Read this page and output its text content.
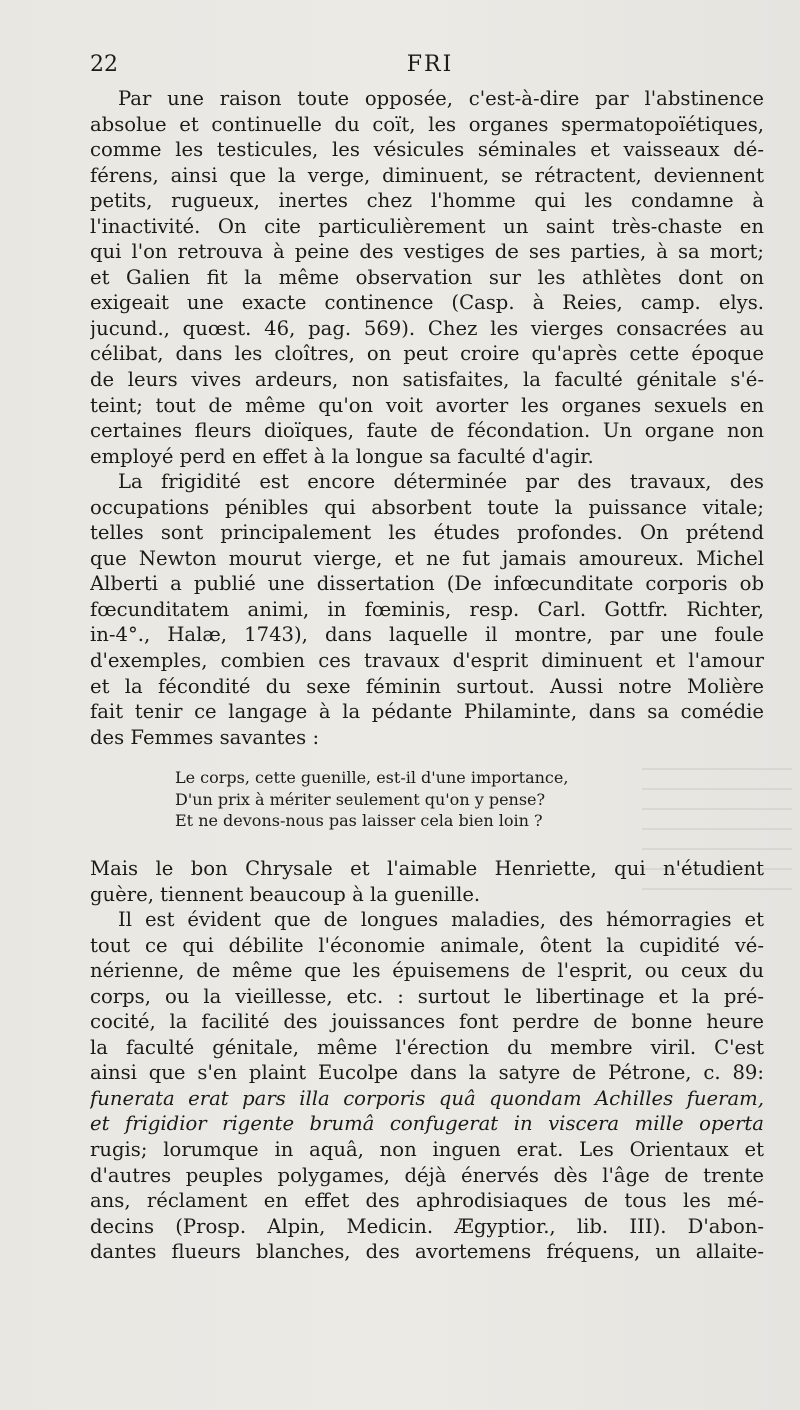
22	FRI
Par une raison toute opposée, c'est-à-dire par l'abstinence
absolue et continuelle du coït, les organes spermatopoïétiques,
comme les testicules, les vésicules séminales et vaisseaux dé-
férens, ainsi que la verge, diminuent, se rétractent, deviennent
petits, rugueux, inertes chez l'homme qui les condamne à
l'inactivité. On cite particulièrement un saint très-chaste en
qui l'on retrouva à peine des vestiges de ses parties, à sa mort;
et Galien fit la même observation sur les athlètes dont on
exigeait une exacte continence (Casp. à Reies, camp. elys.
jucund., quœst. 46, pag. 569). Chez les vierges consacrées au
célibat, dans les cloîtres, on peut croire qu'après cette époque
de leurs vives ardeurs, non satisfaites, la faculté génitale s'é-
teint; tout de même qu'on voit avorter les organes sexuels en
certaines fleurs dioïques, faute de fécondation. Un organe non
employé perd en effet à la longue sa faculté d'agir.
La frigidité est encore déterminée par des travaux, des
occupations pénibles qui absorbent toute la puissance vitale;
telles sont principalement les études profondes. On prétend
que Newton mourut vierge, et ne fut jamais amoureux. Michel
Alberti a publié une dissertation (De infœcunditate corporis ob
fœcunditatem animi, in fœminis, resp. Carl. Gottfr. Richter,
in-4°., Halæ, 1743), dans laquelle il montre, par une foule
d'exemples, combien ces travaux d'esprit diminuent et l'amour
et la fécondité du sexe féminin surtout. Aussi notre Molière
fait tenir ce langage à la pédante Philaminte, dans sa comédie
des Femmes savantes :
Le corps, cette guenille, est-il d'une importance,
D'un prix à mériter seulement qu'on y pense?
Et ne devons-nous pas laisser cela bien loin ?
Mais le bon Chrysale et l'aimable Henriette, qui n'étudient
guère, tiennent beaucoup à la guenille.
Il est évident que de longues maladies, des hémorragies et
tout ce qui débilite l'économie animale, ôtent la cupidité vé-
nérienne, de même que les épuisemens de l'esprit, ou ceux du
corps, ou la vieillesse, etc. : surtout le libertinage et la pré-
cocité, la facilité des jouissances font perdre de bonne heure
la faculté génitale, même l'érection du membre viril. C'est
ainsi que s'en plaint Eucolpe dans la satyre de Pétrone, c. 89:
funerata erat pars illa corporis quâ quondam Achilles fueram,
et frigidior rigente brumâ confugerat in viscera mille operta
rugis; lorumque in aquâ, non inguen erat. Les Orientaux et
d'autres peuples polygames, déjà énervés dès l'âge de trente
ans, réclament en effet des aphrodisiaques de tous les mé-
decins (Prosp. Alpin, Medicin. Ægyptior., lib. III). D'abon-
dantes flueurs blanches, des avortemens fréquens, un allaite-
